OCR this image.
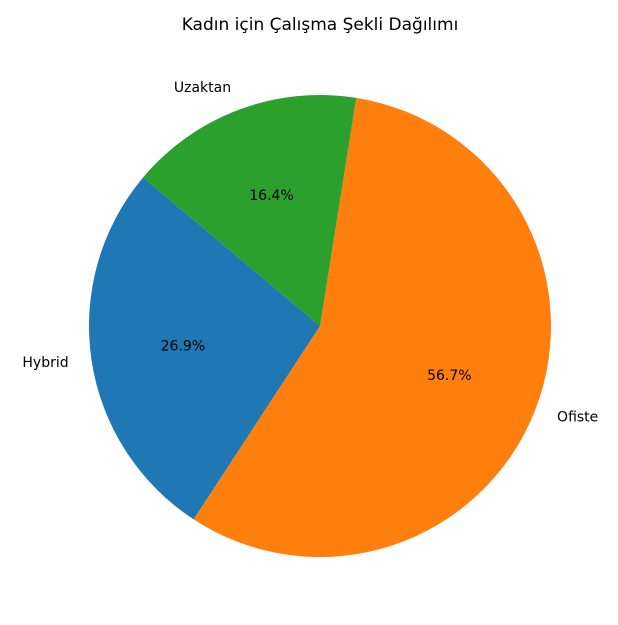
Kadın için Çalışma Şekli Dağılımı
Hybrid
26.9%
Ofiste
56.7%
Uzaktan
16.4%
